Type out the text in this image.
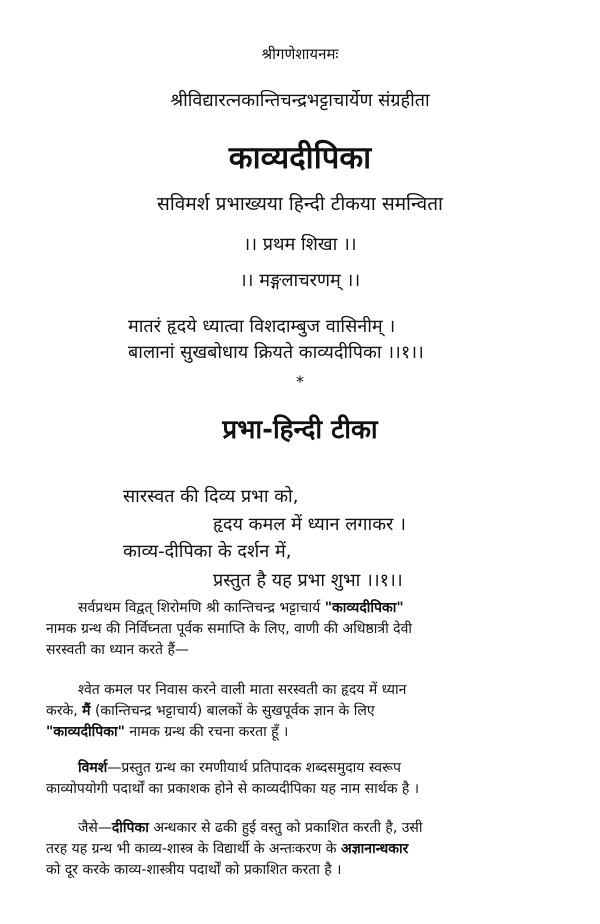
श्रीगणेशायनमः
श्रीविद्यारत्नकान्तिचन्द्रभट्टाचार्येण संग्रहीता
काव्यदीपिका
सविमर्श प्रभाख्यया हिन्दी टीकया समन्विता
।। प्रथम शिखा ।।
।। मङ्गलाचरणम् ।।
मातरं हृदये ध्यात्वा विशदाम्बुज वासिनीम् ।
बालानां सुखबोधाय क्रियते काव्यदीपिका ।।१।।
*
प्रभा-हिन्दी टीका
सारस्वत की दिव्य प्रभा को,
हृदय कमल में ध्यान लगाकर ।
काव्य-दीपिका के दर्शन में,
प्रस्तुत है यह प्रभा शुभा ।।१।।
सर्वप्रथम विद्वत् शिरोमणि श्री कान्तिचन्द्र भट्टाचार्य "काव्यदीपिका"
नामक ग्रन्थ की निर्विघ्नता पूर्वक समाप्ति के लिए, वाणी की अधिष्ठात्री देवी
सरस्वती का ध्यान करते हैं—
श्वेत कमल पर निवास करने वाली माता सरस्वती का हृदय में ध्यान
करके, मैं (कान्तिचन्द्र भट्टाचार्य) बालकों के सुखपूर्वक ज्ञान के लिए
"काव्यदीपिका" नामक ग्रन्थ की रचना करता हूँ ।
विमर्श—प्रस्तुत ग्रन्थ का रमणीयार्थ प्रतिपादक शब्दसमुदाय स्वरूप
काव्योपयोगी पदार्थों का प्रकाशक होने से काव्यदीपिका यह नाम सार्थक है ।
जैसे—दीपिका अन्धकार से ढकी हुई वस्तु को प्रकाशित करती है, उसी
तरह यह ग्रन्थ भी काव्य-शास्त्र के विद्यार्थी के अन्तःकरण के अज्ञानान्धकार
को दूर करके काव्य-शास्त्रीय पदार्थों को प्रकाशित करता है ।
